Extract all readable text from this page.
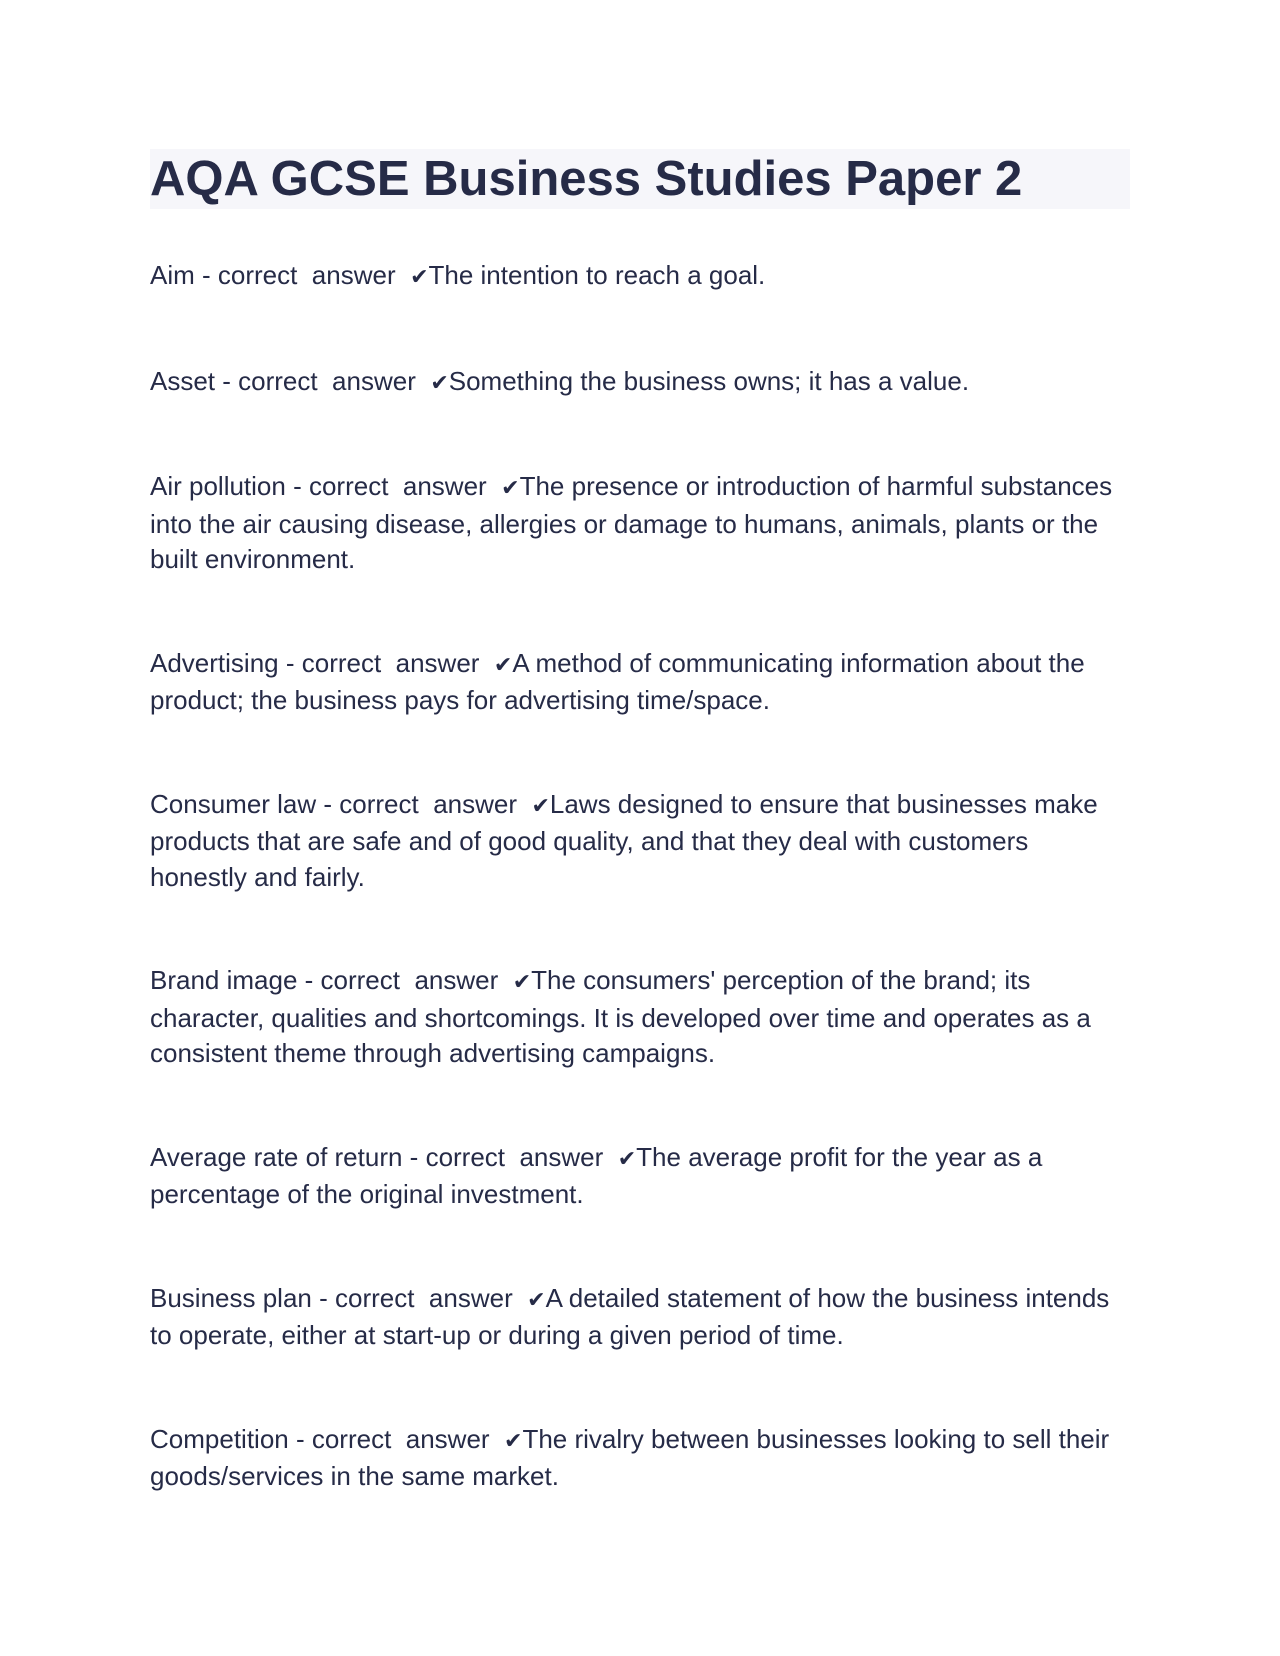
AQA GCSE Business Studies Paper 2

Aim - correct  answer  ✔The intention to reach a goal.

Asset - correct  answer  ✔Something the business owns; it has a value.

Air pollution - correct  answer  ✔The presence or introduction of harmful substances into the air causing disease, allergies or damage to humans, animals, plants or the built environment.

Advertising - correct  answer  ✔A method of communicating information about the product; the business pays for advertising time/space.

Consumer law - correct  answer  ✔Laws designed to ensure that businesses make products that are safe and of good quality, and that they deal with customers honestly and fairly.

Brand image - correct  answer  ✔The consumers' perception of the brand; its character, qualities and shortcomings. It is developed over time and operates as a consistent theme through advertising campaigns.

Average rate of return - correct  answer  ✔The average profit for the year as a percentage of the original investment.

Business plan - correct  answer  ✔A detailed statement of how the business intends to operate, either at start-up or during a given period of time.

Competition - correct  answer  ✔The rivalry between businesses looking to sell their goods/services in the same market.
